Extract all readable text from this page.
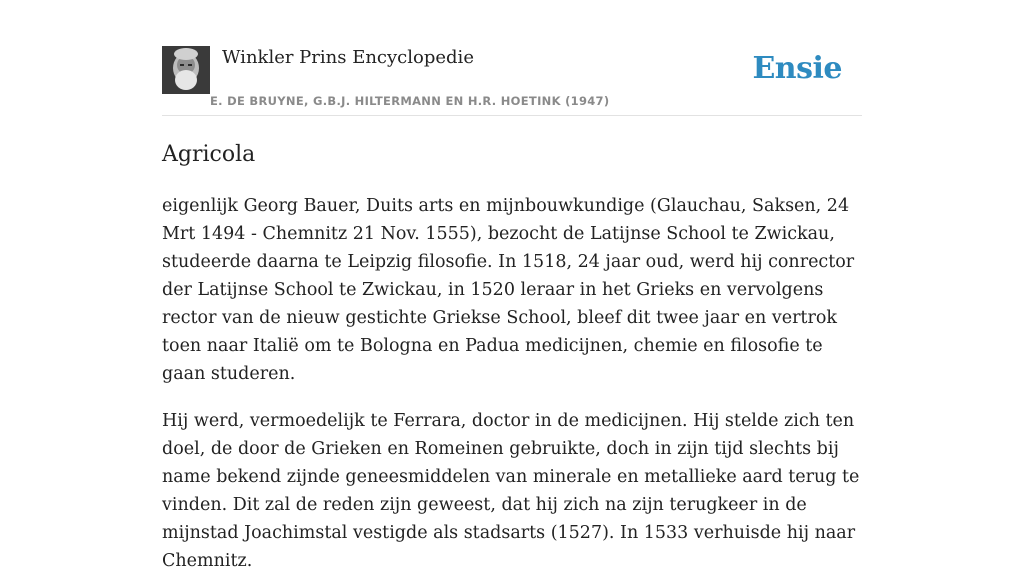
Winkler Prins Encyclopedie
E. DE BRUYNE, G.B.J. HILTERMANN EN H.R. HOETINK (1947)
Ensie
Agricola

eigenlijk Georg Bauer, Duits arts en mijnbouwkundige (Glauchau, Saksen, 24 Mrt 1494 - Chemnitz 21 Nov. 1555), bezocht de Latijnse School te Zwickau, studeerde daarna te Leipzig filosofie. In 1518, 24 jaar oud, werd hij conrector der Latijnse School te Zwickau, in 1520 leraar in het Grieks en vervolgens rector van de nieuw gestichte Griekse School, bleef dit twee jaar en vertrok toen naar Italië om te Bologna en Padua medicijnen, chemie en filosofie te gaan studeren.

Hij werd, vermoedelijk te Ferrara, doctor in de medicijnen. Hij stelde zich ten doel, de door de Grieken en Romeinen gebruikte, doch in zijn tijd slechts bij name bekend zijnde geneesmiddelen van minerale en metallieke aard terug te vinden. Dit zal de reden zijn geweest, dat hij zich na zijn terugkeer in de mijnstad Joachimstal vestigde als stadsarts (1527). In 1533 verhuisde hij naar Chemnitz.
